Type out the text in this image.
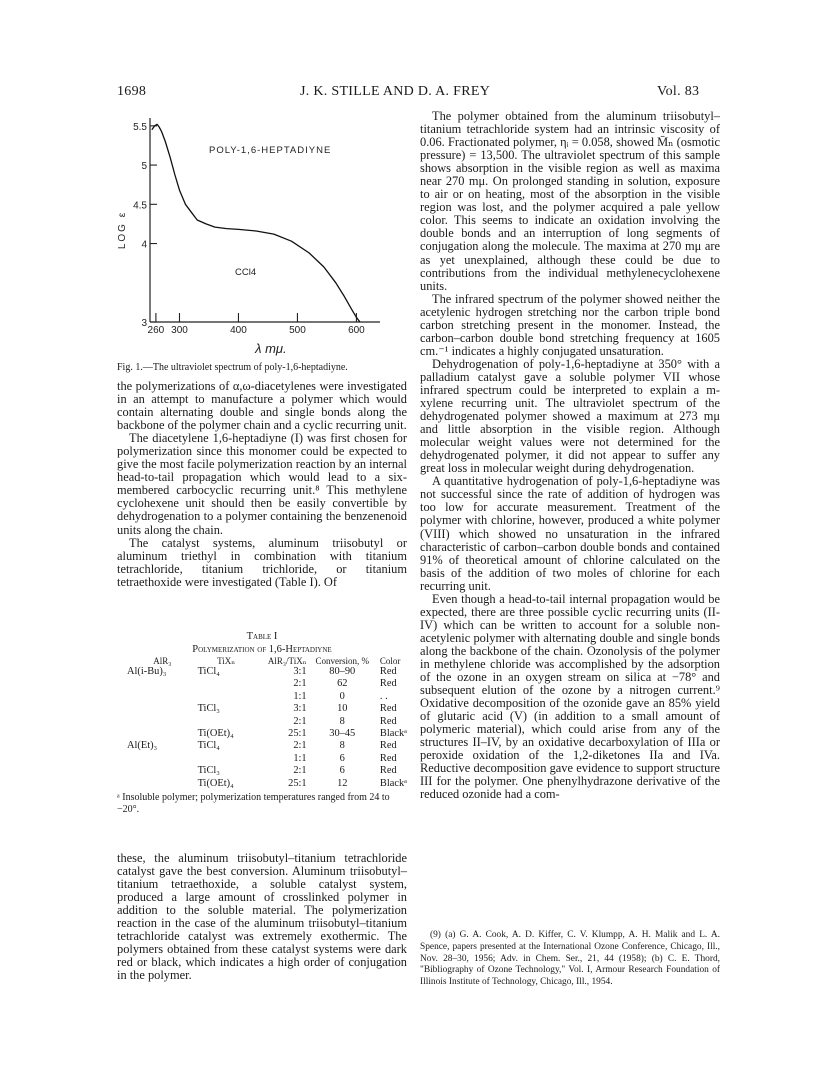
1698	J. K. STILLE AND D. A. FREY	Vol. 83
5.5
5
4.5
4
3
260 300	400	500	600
POLY-1,6-HEPTADIYNE
CCl4
LOG ε
λ mμ.
Fig. 1.—The ultraviolet spectrum of poly-1,6-heptadiyne.

the polymerizations of α,ω-diacetylenes were investigated in an attempt to manufacture a polymer which would contain alternating double and single bonds along the backbone of the polymer chain and a cyclic recurring unit.

The diacetylene 1,6-heptadiyne (I) was first chosen for polymerization since this monomer could be expected to give the most facile polymerization reaction by an internal head-to-tail propagation which would lead to a six-membered carbocyclic recurring unit.⁸ This methylene cyclohexene unit should then be easily convertible by dehydrogenation to a polymer containing the benzenenoid units along the chain.

The catalyst systems, aluminum triisobutyl or aluminum triethyl in combination with titanium tetrachloride, titanium trichloride, or titanium tetraethoxide were investigated (Table I). Of

Table I
Polymerization of 1,6-Heptadiyne
AlR₃	TiXₙ	AlR₃/TiXₙ	Conversion, %	Color
Al(i-Bu)₃	TiCl₄	3:1	80–90	Red
		2:1	62	Red
		1:1	0	. .
	TiCl₃	3:1	10	Red
		2:1	8	Red
	Ti(OEt)₄	25:1	30–45	Blackᵃ
Al(Et)₃	TiCl₄	2:1	8	Red
		1:1	6	Red
	TiCl₃	2:1	6	Red
	Ti(OEt)₄	25:1	12	Blackᵃ
ᵃ Insoluble polymer; polymerization temperatures ranged from 24 to −20°.

these, the aluminum triisobutyl–titanium tetrachloride catalyst gave the best conversion. Aluminum triisobutyl–titanium tetraethoxide, a soluble catalyst system, produced a large amount of crosslinked polymer in addition to the soluble material. The polymerization reaction in the case of the aluminum triisobutyl–titanium tetrachloride catalyst was extremely exothermic. The polymers obtained from these catalyst systems were dark red or black, which indicates a high order of conjugation in the polymer.

The polymer obtained from the aluminum triisobutyl–titanium tetrachloride system had an intrinsic viscosity of 0.06. Fractionated polymer, ηᵢ = 0.058, showed M̄ₙ (osmotic pressure) = 13,500. The ultraviolet spectrum of this sample shows absorption in the visible region as well as maxima near 270 mμ. On prolonged standing in solution, exposure to air or on heating, most of the absorption in the visible region was lost, and the polymer acquired a pale yellow color. This seems to indicate an oxidation involving the double bonds and an interruption of long segments of conjugation along the molecule. The maxima at 270 mμ are as yet unexplained, although these could be due to contributions from the individual methylenecyclohexene units.

The infrared spectrum of the polymer showed neither the acetylenic hydrogen stretching nor the carbon triple bond carbon stretching present in the monomer. Instead, the carbon–carbon double bond stretching frequency at 1605 cm.⁻¹ indicates a highly conjugated unsaturation.

Dehydrogenation of poly-1,6-heptadiyne at 350° with a palladium catalyst gave a soluble polymer VII whose infrared spectrum could be interpreted to explain a m-xylene recurring unit. The ultraviolet spectrum of the dehydrogenated polymer showed a maximum at 273 mμ and little absorption in the visible region. Although molecular weight values were not determined for the dehydrogenated polymer, it did not appear to suffer any great loss in molecular weight during dehydrogenation.

A quantitative hydrogenation of poly-1,6-heptadiyne was not successful since the rate of addition of hydrogen was too low for accurate measurement. Treatment of the polymer with chlorine, however, produced a white polymer (VIII) which showed no unsaturation in the infrared characteristic of carbon–carbon double bonds and contained 91% of theoretical amount of chlorine calculated on the basis of the addition of two moles of chlorine for each recurring unit.

Even though a head-to-tail internal propagation would be expected, there are three possible cyclic recurring units (II-IV) which can be written to account for a soluble non-acetylenic polymer with alternating double and single bonds along the backbone of the chain. Ozonolysis of the polymer in methylene chloride was accomplished by the adsorption of the ozone in an oxygen stream on silica at −78° and subsequent elution of the ozone by a nitrogen current.⁹ Oxidative decomposition of the ozonide gave an 85% yield of glutaric acid (V) (in addition to a small amount of polymeric material), which could arise from any of the structures II–IV, by an oxidative decarboxylation of IIIa or peroxide oxidation of the 1,2-diketones IIa and IVa. Reductive decomposition gave evidence to support structure III for the polymer. One phenylhydrazone derivative of the reduced ozonide had a com-

(9) (a) G. A. Cook, A. D. Kiffer, C. V. Klumpp, A. H. Malik and L. A. Spence, papers presented at the International Ozone Conference, Chicago, Ill., Nov. 28–30, 1956; Adv. in Chem. Ser., 21, 44 (1958); (b) C. E. Thord, "Bibliography of Ozone Technology," Vol. I, Armour Research Foundation of Illinois Institute of Technology, Chicago, Ill., 1954.
